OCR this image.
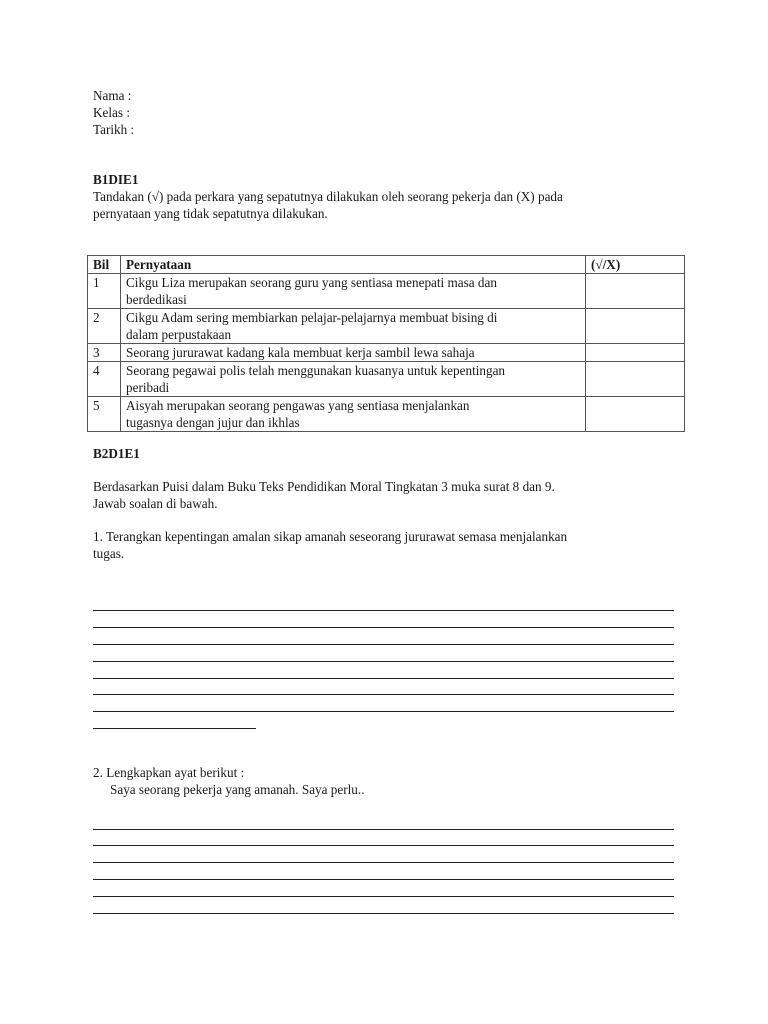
Nama :
Kelas :
Tarikh :
B1DIE1
Tandakan (√) pada perkara yang sepatutnya dilakukan oleh seorang pekerja dan (X) pada
pernyataan yang tidak sepatutnya dilakukan.
Bil	Pernyataan	(√/X)
1	Cikgu Liza merupakan seorang guru yang sentiasa menepati masa dan
berdedikasi	

2	Cikgu Adam sering membiarkan pelajar-pelajarnya membuat bising di
dalam perpustakaan	

3	Seorang jururawat kadang kala membuat kerja sambil lewa sahaja	

4	Seorang pegawai polis telah menggunakan kuasanya untuk kepentingan
peribadi	

5	Aisyah merupakan seorang pengawas yang sentiasa menjalankan
tugasnya dengan jujur dan ikhlas	

B2D1E1
Berdasarkan Puisi dalam Buku Teks Pendidikan Moral Tingkatan 3 muka surat 8 dan 9.
Jawab soalan di bawah.
1. Terangkan kepentingan amalan sikap amanah seseorang jururawat semasa menjalankan
tugas.
2. Lengkapkan ayat berikut :
Saya seorang pekerja yang amanah. Saya perlu..
